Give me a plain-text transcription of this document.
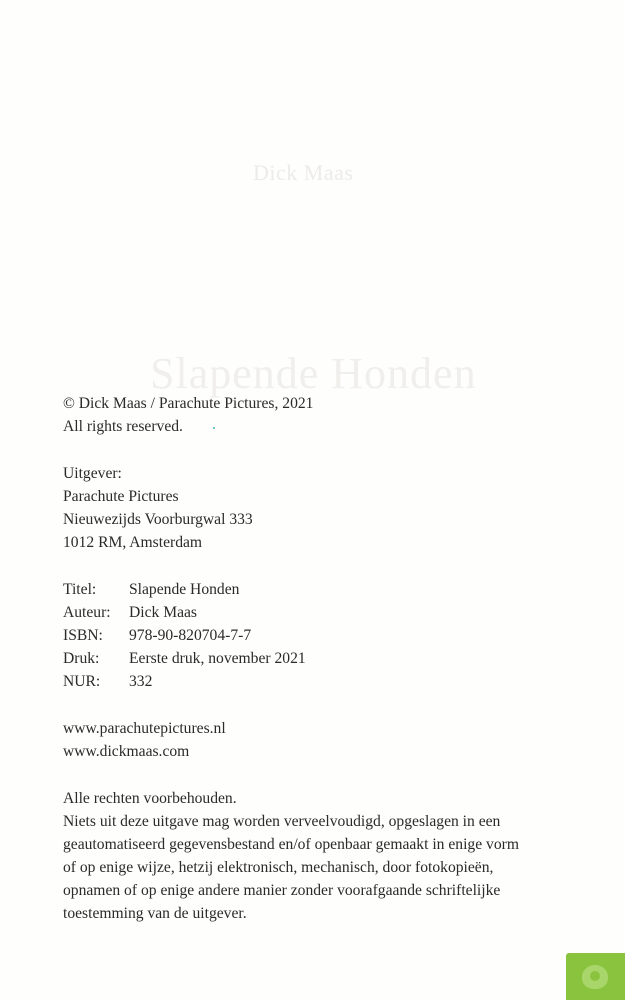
Dick Maas
Slapende Honden

© Dick Maas / Parachute Pictures, 2021

All rights reserved.

Uitgever:

Parachute Pictures

Nieuwezijds Voorburgwal 333

1012 RM, Amsterdam

Titel:	Slapende Honden
Auteur:	Dick Maas
ISBN:	978-90-820704-7-7
Druk:	Eerste druk, november 2021
NUR:	332

www.parachutepictures.nl

www.dickmaas.com

Alle rechten voorbehouden.

Niets uit deze uitgave mag worden verveelvoudigd, opgeslagen in een

geautomatiseerd gegevensbestand en/of openbaar gemaakt in enige vorm

of op enige wijze, hetzij elektronisch, mechanisch, door fotokopieën,

opnamen of op enige andere manier zonder voorafgaande schriftelijke

toestemming van de uitgever.
